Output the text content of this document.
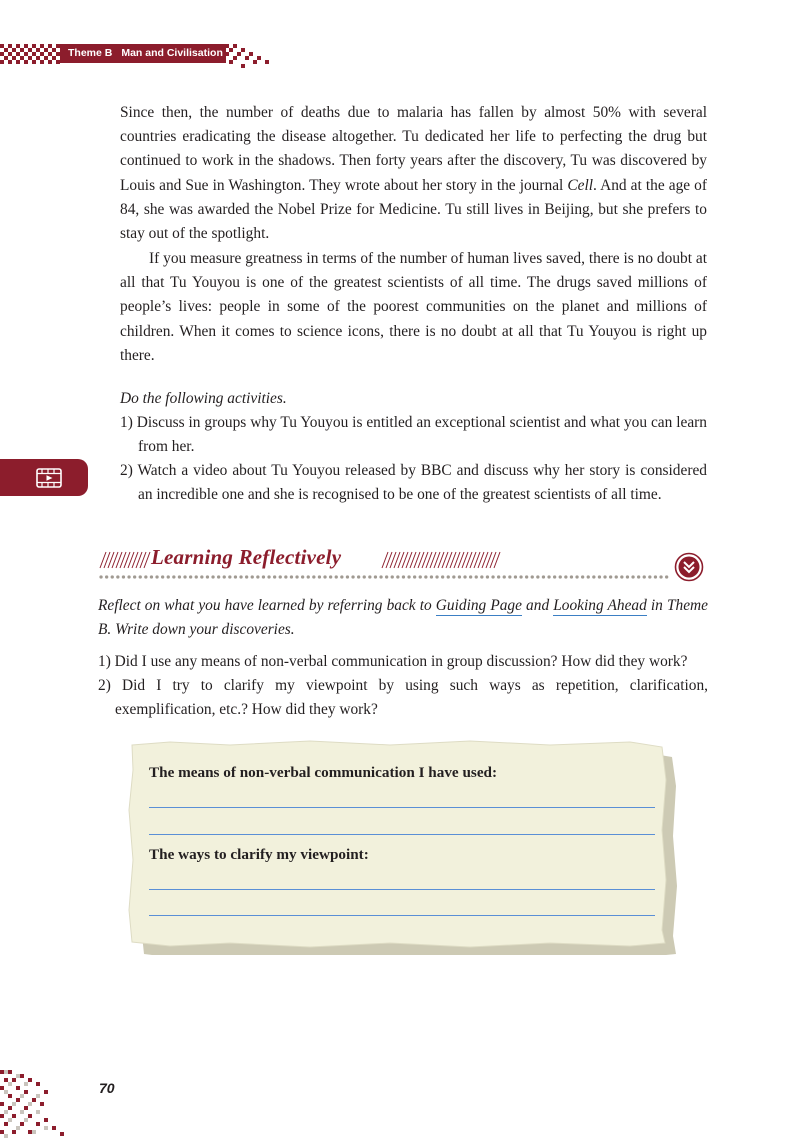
Theme B Man and Civilisation

Since then, the number of deaths due to malaria has fallen by almost 50% with several countries eradicating the disease altogether. Tu dedicated her life to perfecting the drug but continued to work in the shadows. Then forty years after the discovery, Tu was discovered by Louis and Sue in Washington. They wrote about her story in the journal Cell. And at the age of 84, she was awarded the Nobel Prize for Medicine. Tu still lives in Beijing, but she prefers to stay out of the spotlight.

If you measure greatness in terms of the number of human lives saved, there is no doubt at all that Tu Youyou is one of the greatest scientists of all time. The drugs saved millions of people’s lives: people in some of the poorest communities on the planet and millions of children. When it comes to science icons, there is no doubt at all that Tu Youyou is right up there.

Do the following activities.

1) Discuss in groups why Tu Youyou is entitled an exceptional scientist and what you can learn from her.

2) Watch a video about Tu Youyou released by BBC and discuss why her story is considered an incredible one and she is recognised to be one of the greatest scientists of all time.

Learning Reflectively

Reflect on what you have learned by referring back to Guiding Page and Looking Ahead in Theme B. Write down your discoveries.

1) Did I use any means of non-verbal communication in group discussion? How did they work?

2) Did I try to clarify my viewpoint by using such ways as repetition, clarification, exemplification, etc.? How did they work?

The means of non-verbal communication I have used:

The ways to clarify my viewpoint:

70
